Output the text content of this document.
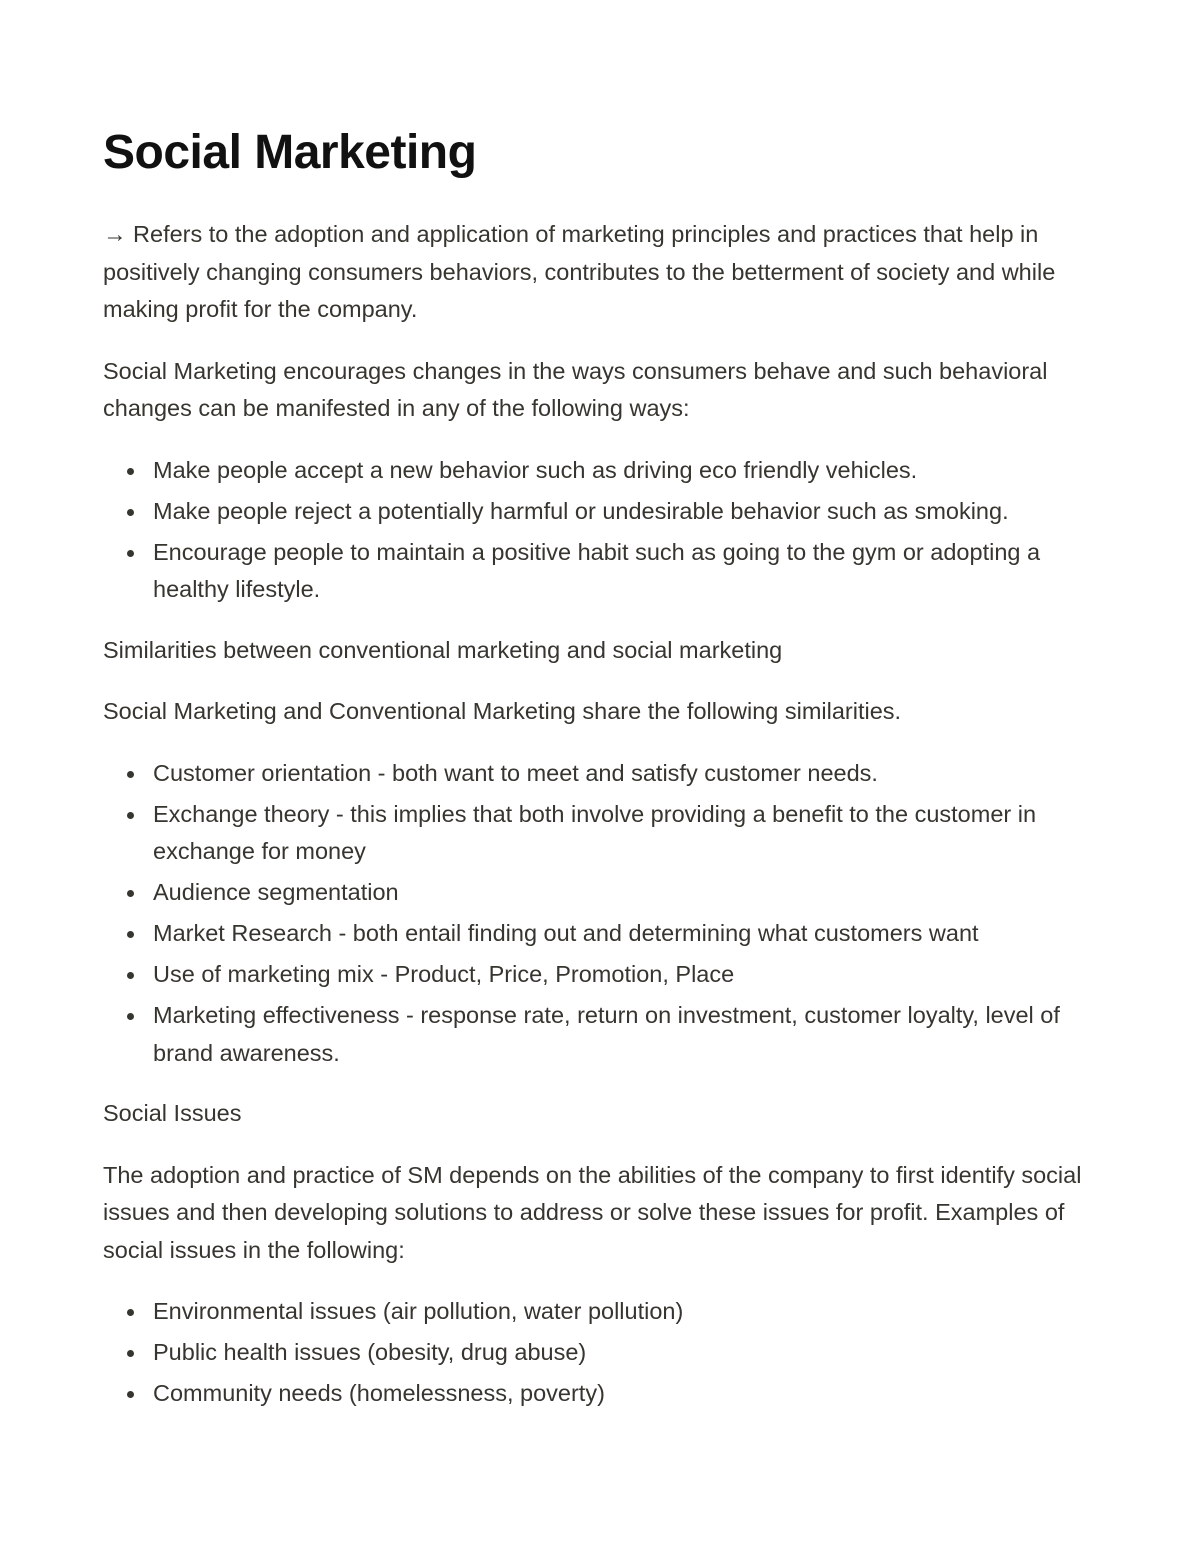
Social Marketing

→ Refers to the adoption and application of marketing principles and practices that help in positively changing consumers behaviors, contributes to the betterment of society and while making profit for the company.

Social Marketing encourages changes in the ways consumers behave and such behavioral changes can be manifested in any of the following ways:

Make people accept a new behavior such as driving eco friendly vehicles.
Make people reject a potentially harmful or undesirable behavior such as smoking.
Encourage people to maintain a positive habit such as going to the gym or adopting a healthy lifestyle.

Similarities between conventional marketing and social marketing

Social Marketing and Conventional Marketing share the following similarities.

Customer orientation - both want to meet and satisfy customer needs.
Exchange theory - this implies that both involve providing a benefit to the customer in exchange for money
Audience segmentation
Market Research - both entail finding out and determining what customers want
Use of marketing mix - Product, Price, Promotion, Place
Marketing effectiveness - response rate, return on investment, customer loyalty, level of brand awareness.

Social Issues

The adoption and practice of SM depends on the abilities of the company to first identify social issues and then developing solutions to address or solve these issues for profit. Examples of social issues in the following:

Environmental issues (air pollution, water pollution)
Public health issues (obesity, drug abuse)
Community needs (homelessness, poverty)
